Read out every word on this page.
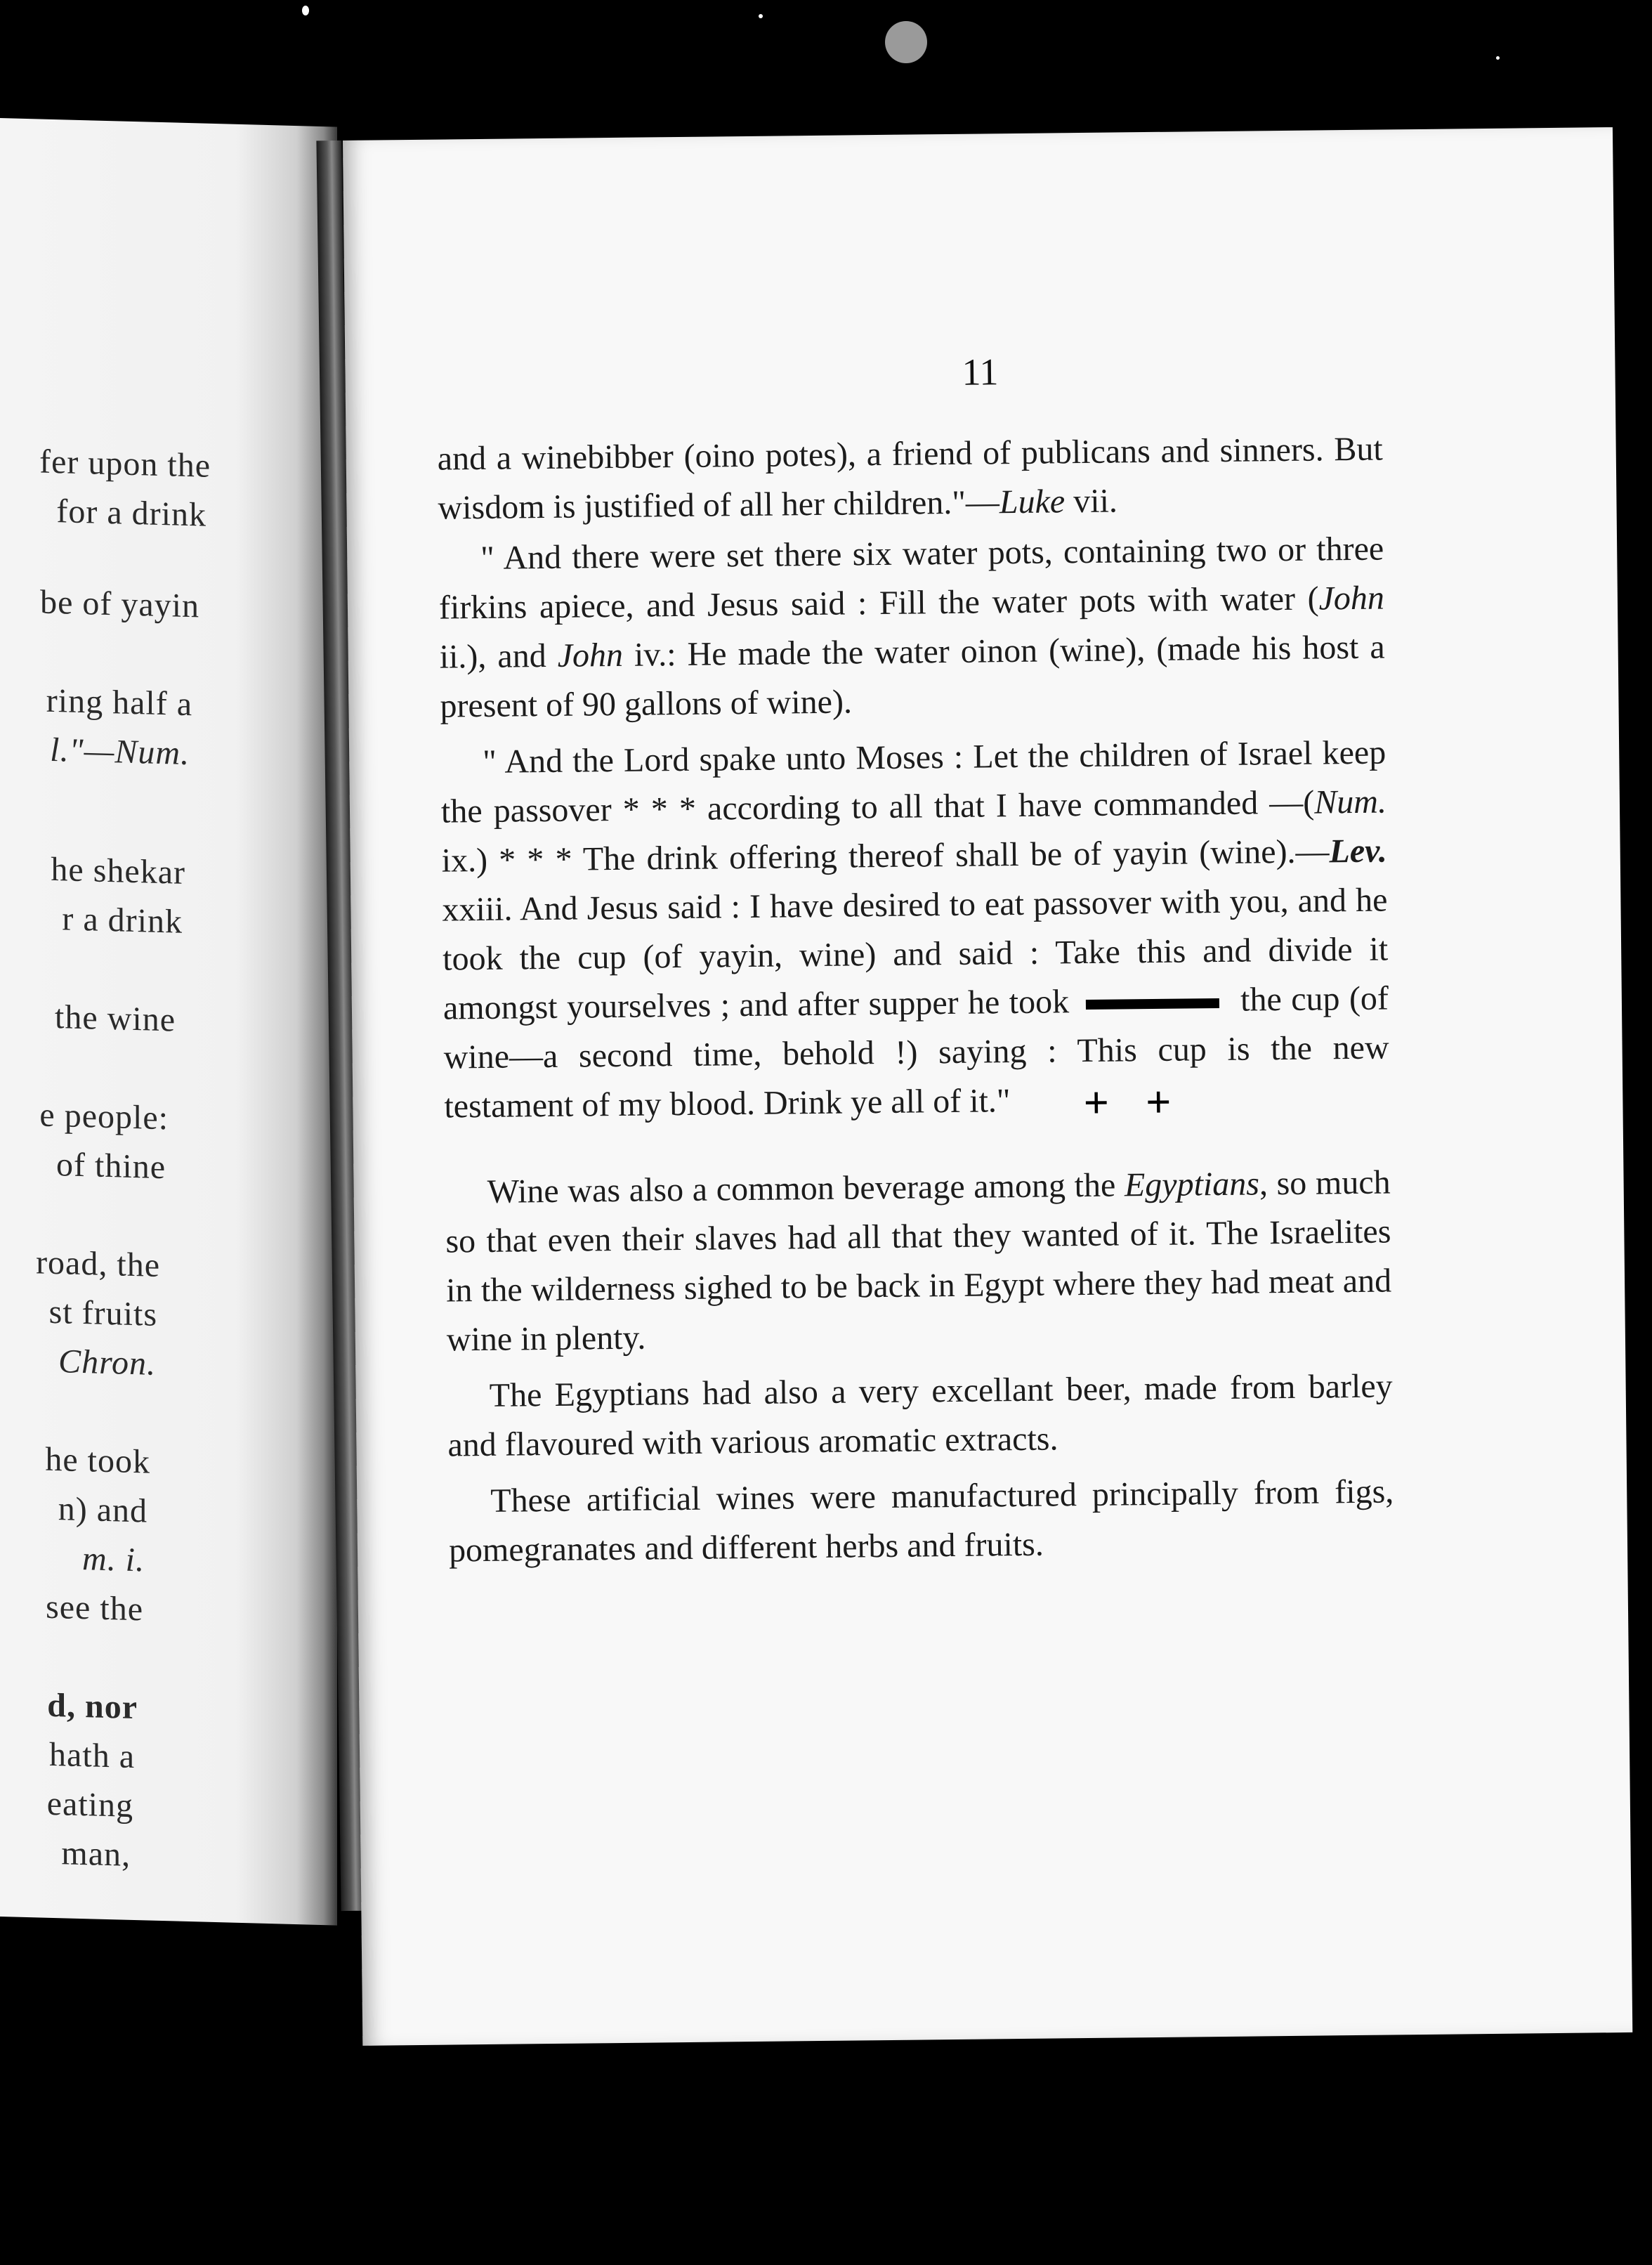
fer upon the
for a drink
be of yayin
ring half a
l."—Num.
he shekar
r a drink
the wine
e people:
of thine
road, the
st fruits
Chron.
he took
n) and
m. i.
see the
d, nor
hath a
eating
man,
11

and a winebibber (oino potes), a friend of publicans and sinners. But wisdom is justified of all her children."—Luke vii.

" And there were set there six water pots, containing two or three firkins apiece, and Jesus said : Fill the water pots with water (John ii.), and John iv.: He made the water oinon (wine), (made his host a present of 90 gallons of wine).

" And the Lord spake unto Moses : Let the children of Israel keep the passover * * * according to all that I have commanded —(Num. ix.) * * * The drink offering thereof shall be of yayin (wine).—Lev. xxiii. And Jesus said : I have desired to eat passover with you, and he took the cup (of yayin, wine) and said : Take this and divide it amongst yourselves ; and after supper he took	the cup (of wine—a second time, behold !) saying : This cup is the new testament of my blood. Drink ye all of it." + +

Wine was also a common beverage among the Egyptians, so much so that even their slaves had all that they wanted of it. The Israelites in the wilderness sighed to be back in Egypt where they had meat and wine in plenty.

The Egyptians had also a very excellant beer, made from barley and flavoured with various aromatic extracts.

These artificial wines were manufactured principally from figs, pomegranates and different herbs and fruits.
